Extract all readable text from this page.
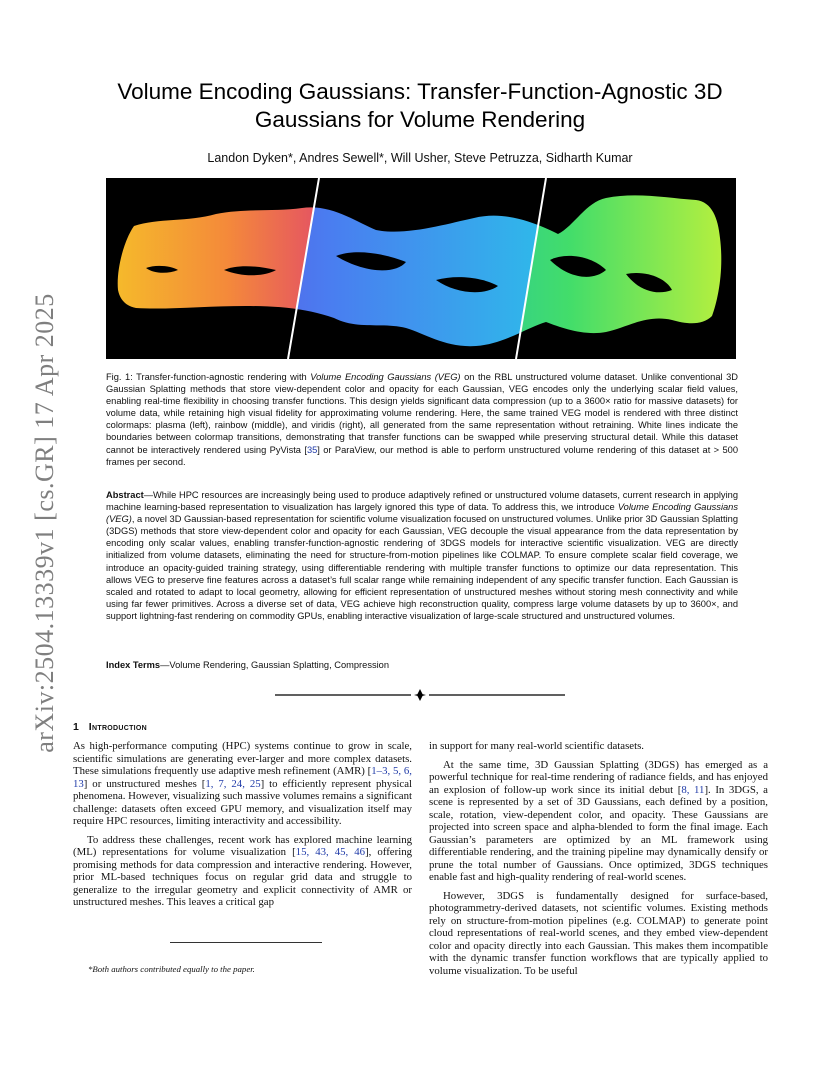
arXiv:2504.13339v1 [cs.GR] 17 Apr 2025
Volume Encoding Gaussians: Transfer-Function-Agnostic 3D
Gaussians for Volume Rendering
Landon Dyken*, Andres Sewell*, Will Usher, Steve Petruzza, Sidharth Kumar
Fig. 1: Transfer-function-agnostic rendering with Volume Encoding Gaussians (VEG) on the RBL unstructured volume dataset. Unlike conventional 3D Gaussian Splatting methods that store view-dependent color and opacity for each Gaussian, VEG encodes only the underlying scalar field values, enabling real-time flexibility in choosing transfer functions. This design yields significant data compression (up to a 3600× ratio for massive datasets) for volume data, while retaining high visual fidelity for approximating volume rendering. Here, the same trained VEG model is rendered with three distinct colormaps: plasma (left), rainbow (middle), and viridis (right), all generated from the same representation without retraining. White lines indicate the boundaries between colormap transitions, demonstrating that transfer functions can be swapped while preserving structural detail. While this dataset cannot be interactively rendered using PyVista [35] or ParaView, our method is able to perform unstructured volume rendering of this dataset at > 500 frames per second.
Abstract—While HPC resources are increasingly being used to produce adaptively refined or unstructured volume datasets, current research in applying machine learning-based representation to visualization has largely ignored this type of data. To address this, we introduce Volume Encoding Gaussians (VEG), a novel 3D Gaussian-based representation for scientific volume visualization focused on unstructured volumes. Unlike prior 3D Gaussian Splatting (3DGS) methods that store view-dependent color and opacity for each Gaussian, VEG decouple the visual appearance from the data representation by encoding only scalar values, enabling transfer-function-agnostic rendering of 3DGS models for interactive scientific visualization. VEG are directly initialized from volume datasets, eliminating the need for structure-from-motion pipelines like COLMAP. To ensure complete scalar field coverage, we introduce an opacity-guided training strategy, using differentiable rendering with multiple transfer functions to optimize our data representation. This allows VEG to preserve fine features across a dataset’s full scalar range while remaining independent of any specific transfer function. Each Gaussian is scaled and rotated to adapt to local geometry, allowing for efficient representation of unstructured meshes without storing mesh connectivity and while using far fewer primitives. Across a diverse set of data, VEG achieve high reconstruction quality, compress large volume datasets by up to 3600×, and support lightning-fast rendering on commodity GPUs, enabling interactive visualization of large-scale structured and unstructured volumes.
Index Terms—Volume Rendering, Gaussian Splatting, Compression
1 Introduction

As high-performance computing (HPC) systems continue to grow in scale, scientific simulations are generating ever-larger and more complex datasets. These simulations frequently use adaptive mesh refinement (AMR) [1–3, 5, 6, 13] or unstructured meshes [1, 7, 24, 25] to efficiently represent physical phenomena. However, visualizing such massive volumes remains a significant challenge: datasets often exceed GPU memory, and visualization itself may require HPC resources, limiting interactivity and accessibility.

To address these challenges, recent work has explored machine learning (ML) representations for volume visualization [15, 43, 45, 46], offering promising methods for data compression and interactive rendering. However, prior ML-based techniques focus on regular grid data and struggle to generalize to the irregular geometry and explicit connectivity of AMR or unstructured meshes. This leaves a critical gap

*Both authors contributed equally to the paper.

in support for many real-world scientific datasets.

At the same time, 3D Gaussian Splatting (3DGS) has emerged as a powerful technique for real-time rendering of radiance fields, and has enjoyed an explosion of follow-up work since its initial debut [8, 11]. In 3DGS, a scene is represented by a set of 3D Gaussians, each defined by a position, scale, rotation, view-dependent color, and opacity. These Gaussians are projected into screen space and alpha-blended to form the final image. Each Gaussian’s parameters are optimized by an ML framework using differentiable rendering, and the training pipeline may dynamically densify or prune the total number of Gaussians. Once optimized, 3DGS techniques enable fast and high-quality rendering of real-world scenes.

However, 3DGS is fundamentally designed for surface-based, photogrammetry-derived datasets, not scientific volumes. Existing methods rely on structure-from-motion pipelines (e.g. COLMAP) to generate point cloud representations of real-world scenes, and they embed view-dependent color and opacity directly into each Gaussian. This makes them incompatible with the dynamic transfer function workflows that are typically applied to volume visualization. To be useful
